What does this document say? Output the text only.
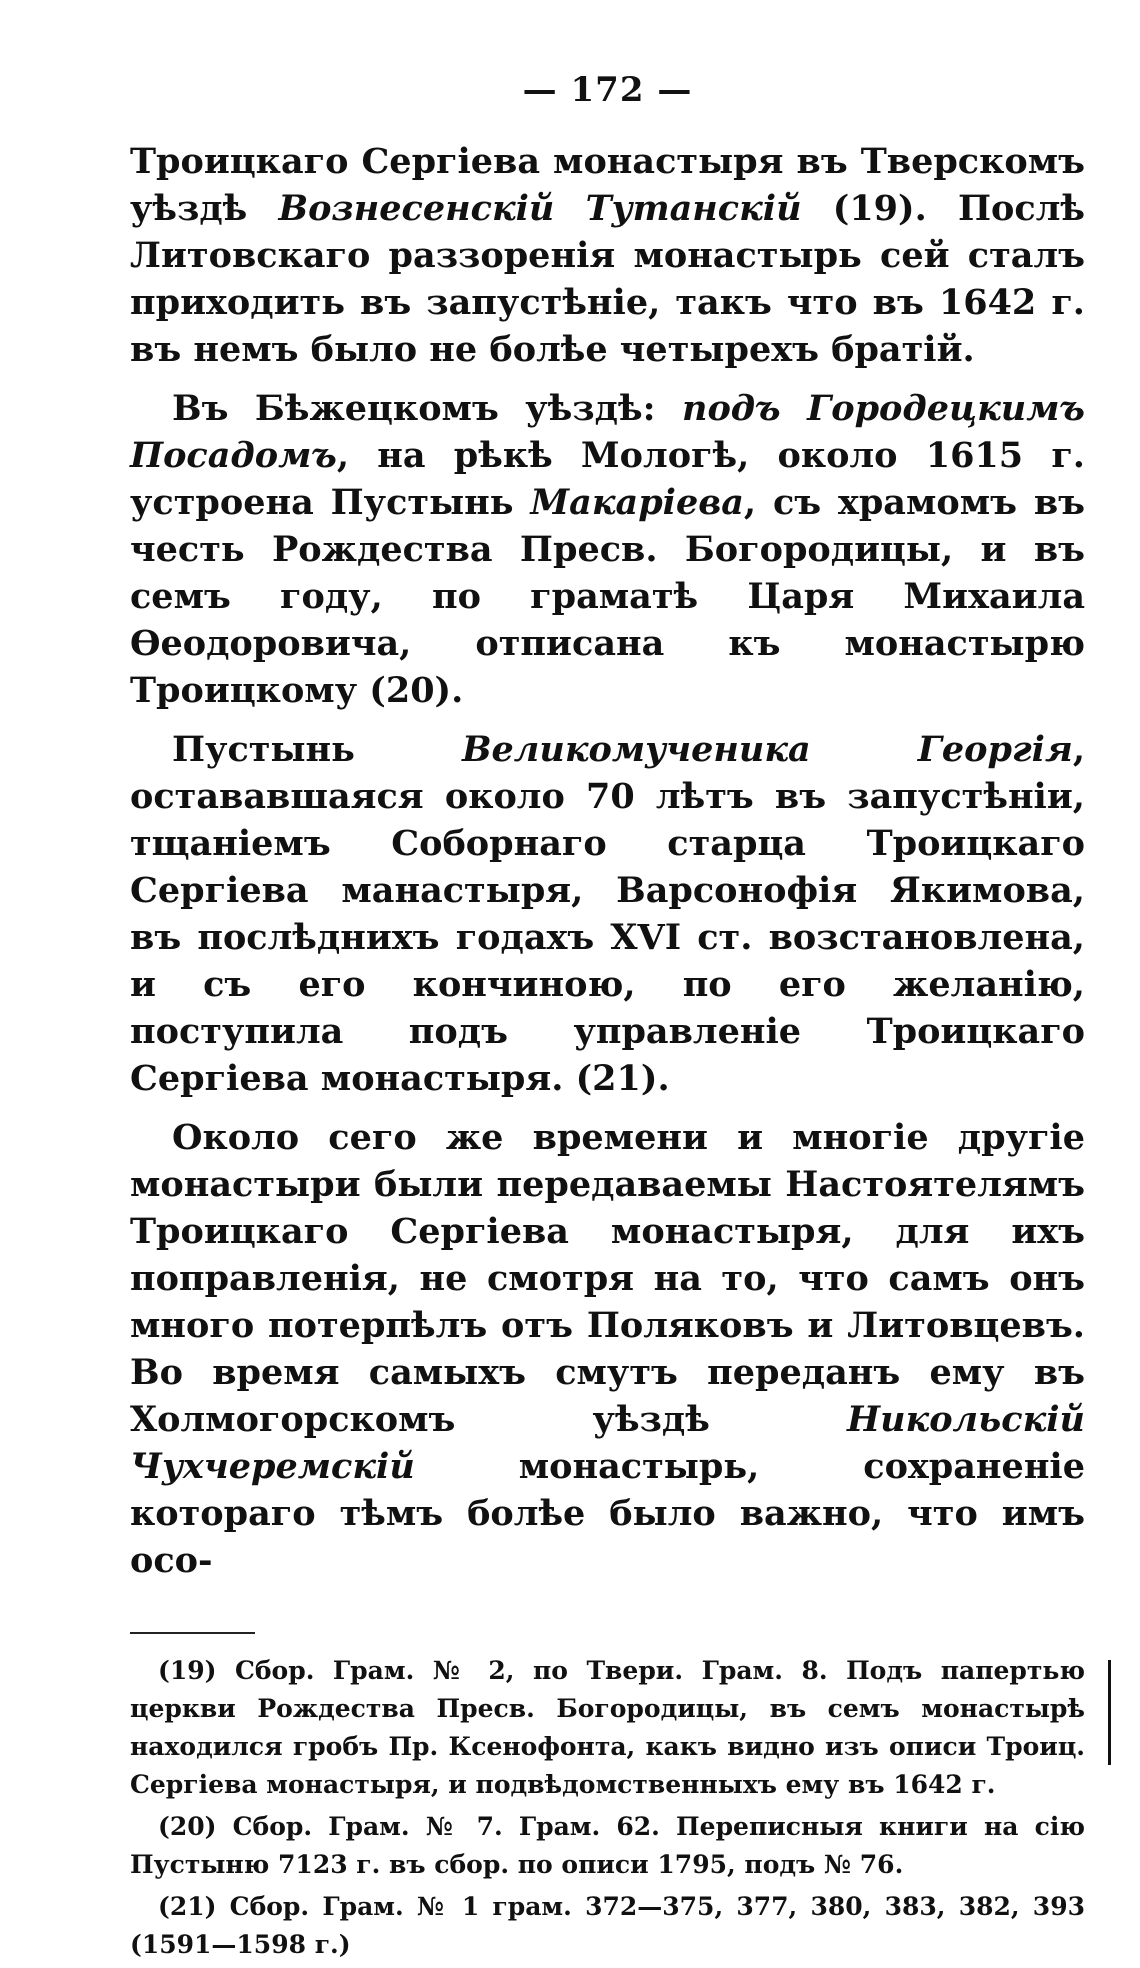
— 172 —

Троицкаго Сергіева монастыря въ Тверскомъ уѣздѣ Вознесенскій Тутанскій (19). Послѣ Литовскаго раззоренія монастырь сей сталъ приходить въ запустѣніе, такъ что въ 1642 г. въ немъ было не болѣе четырехъ братій.

Въ Бѣжецкомъ уѣздѣ: подъ Городецкимъ Посадомъ, на рѣкѣ Мологѣ, около 1615 г. устроена Пустынь Макаріева, съ храмомъ въ честь Рождества Пресв. Богородицы, и въ семъ году, по граматѣ Царя Михаила Ѳеодоровича, отписана къ монастырю Троицкому (20).

Пустынь Великомученика Георгія, остававшаяся около 70 лѣтъ въ запустѣніи, тщаніемъ Соборнаго старца Троицкаго Сергіева манастыря, Варсонофія Якимова, въ послѣднихъ годахъ XVI ст. возстановлена, и съ его кончиною, по его желанію, поступила подъ управленіе Троицкаго Сергіева монастыря. (21).

Около сего же времени и многіе другіе монастыри были передаваемы Настоятелямъ Троицкаго Сергіева монастыря, для ихъ поправленія, не смотря на то, что самъ онъ много потерпѣлъ отъ Поляковъ и Литовцевъ. Во время самыхъ смутъ переданъ ему въ Холмогорскомъ уѣздѣ Никольскій Чухчеремскій монастырь, сохраненіе котораго тѣмъ болѣе было важно, что имъ осо-

(19) Сбор. Грам. № 2, по Твери. Грам. 8. Подъ папертью церкви Рождества Пресв. Богородицы, въ семъ монастырѣ находился гробъ Пр. Ксенофонта, какъ видно изъ описи Троиц. Сергіева монастыря, и подвѣдомственныхъ ему въ 1642 г.

(20) Сбор. Грам. № 7. Грам. 62. Переписныя книги на сію Пустыню 7123 г. въ сбор. по описи 1795, подъ № 76.

(21) Сбор. Грам. № 1 грам. 372—375, 377, 380, 383, 382, 393 (1591—1598 г.)
